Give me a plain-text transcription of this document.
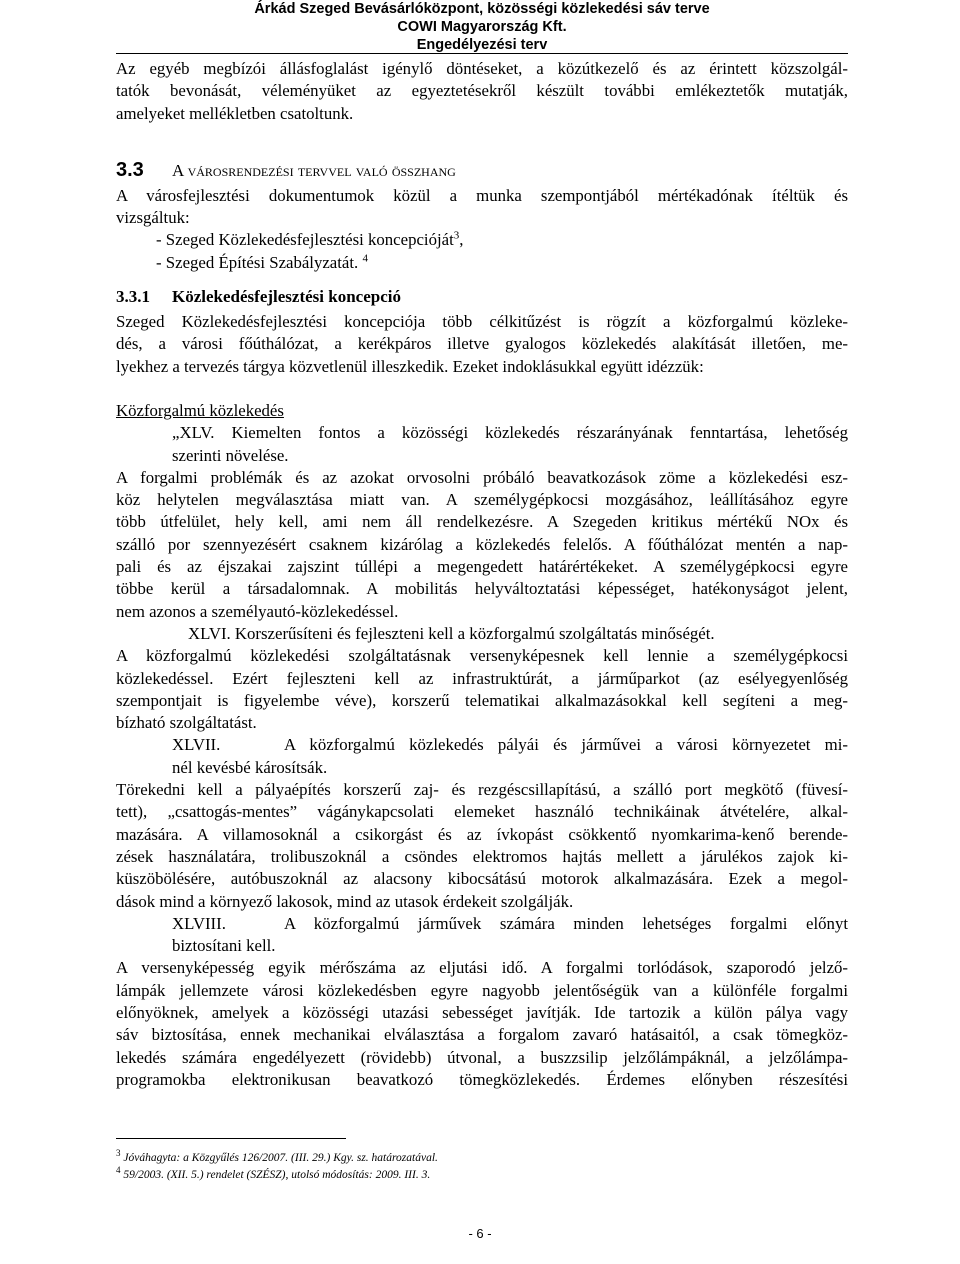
Árkád Szeged Bevásárlóközpont, közösségi közlekedési sáv terve
COWI Magyarország Kft.
Engedélyezési terv

Az egyéb megbízói állásfoglalást igénylő döntéseket, a közútkezelő és az érintett közszolgál-

tatók bevonását, véleményüket az egyeztetésekről készült további emlékeztetők mutatják,

amelyeket mellékletben csatoltunk.

3.3 A városrendezési tervvel való összhang

A városfejlesztési dokumentumok közül a munka szempontjából mértékadónak ítéltük és

vizsgáltuk:

- Szeged Közlekedésfejlesztési koncepcióját$^3$,

- Szeged Építési Szabályzatát. $^4$

3.3.1 Közlekedésfejlesztési koncepció

Szeged Közlekedésfejlesztési koncepciója több célkitűzést is rögzít a közforgalmú közleke-

dés, a városi főúthálózat, a kerékpáros illetve gyalogos közlekedés alakítását illetően, me-

lyekhez a tervezés tárgya közvetlenül illeszkedik. Ezeket indoklásukkal együtt idézzük:

Közforgalmú közlekedés

„XLV. Kiemelten fontos a közösségi közlekedés részarányának fenntartása, lehetőség

szerinti növelése.

A forgalmi problémák és az azokat orvosolni próbáló beavatkozások zöme a közlekedési esz-

köz helytelen megválasztása miatt van. A személygépkocsi mozgásához, leállításához egyre

több útfelület, hely kell, ami nem áll rendelkezésre. A Szegeden kritikus mértékű NOx és

szálló por szennyezésért csaknem kizárólag a közlekedés felelős. A főúthálózat mentén a nap-

pali és az éjszakai zajszint túllépi a megengedett határértékeket. A személygépkocsi egyre

többe kerül a társadalomnak. A mobilitás helyváltoztatási képességet, hatékonyságot jelent,

nem azonos a személyautó-közlekedéssel.

XLVI. Korszerűsíteni és fejleszteni kell a közforgalmú szolgáltatás minőségét.

A közforgalmú közlekedési szolgáltatásnak versenyképesnek kell lennie a személygépkocsi

közlekedéssel. Ezért fejleszteni kell az infrastruktúrát, a járműparkot (az esélyegyenlőség

szempontjait is figyelembe véve), korszerű telematikai alkalmazásokkal kell segíteni a meg-

bízható szolgáltatást.

XLVII.	A közforgalmú közlekedés pályái és járművei a városi környezetet mi-

nél kevésbé károsítsák.

Törekedni kell a pályaépítés korszerű zaj- és rezgéscsillapítású, a szálló port megkötő (füvesí-

tett), „csattogás-mentes” vágánykapcsolati elemeket használó technikáinak átvételére, alkal-

mazására. A villamosoknál a csikorgást és az ívkopást csökkentő nyomkarima-kenő berende-

zések használatára, trolibuszoknál a csöndes elektromos hajtás mellett a járulékos zajok ki-

küszöbölésére, autóbuszoknál az alacsony kibocsátású motorok alkalmazására. Ezek a megol-

dások mind a környező lakosok, mind az utasok érdekeit szolgálják.

XLVIII.	A közforgalmú járművek számára minden lehetséges forgalmi előnyt

biztosítani kell.

A versenyképesség egyik mérőszáma az eljutási idő. A forgalmi torlódások, szaporodó jelző-

lámpák jellemzete városi közlekedésben egyre nagyobb jelentőségük van a különféle forgalmi

előnyöknek, amelyek a közösségi utazási sebességet javítják. Ide tartozik a külön pálya vagy

sáv biztosítása, ennek mechanikai elválasztása a forgalom zavaró hatásaitól, a csak tömegköz-

lekedés számára engedélyezett (rövidebb) útvonal, a buszzsilip jelzőlámpáknál, a jelzőlámpa-

programokba elektronikusan beavatkozó tömegközlekedés. Érdemes előnyben részesítési

$^3$ Jóváhagyta: a Közgyűlés 126/2007. (III. 29.) Kgy. sz. határozatával.
$^4$ 59/2003. (XII. 5.) rendelet (SZÉSZ), utolsó módosítás: 2009. III. 3.
- 6 -
